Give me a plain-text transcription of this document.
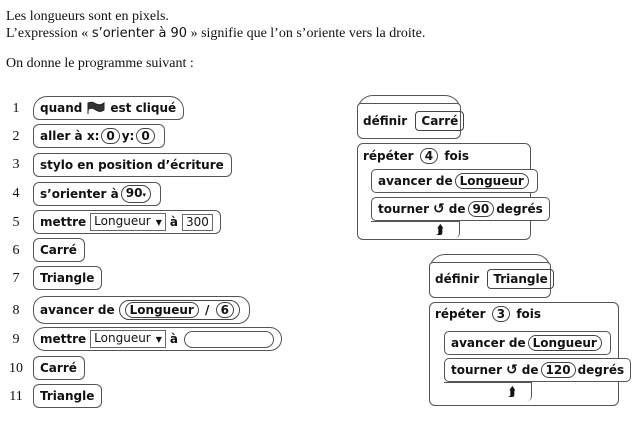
Les longueurs sont en pixels.
L’expression « s’orienter à 90 » signifie que l’on s’oriente vers la droite.
On donne le programme suivant :
1
2
3
4
5
6
7
8
9
10
11
quand est cliqué
aller à x: 0 y: 0
stylo en position d’écriture
s’orienter à 90▾
mettre Longueur ▼ à 300
Carré
Triangle
avancer de	Longueur / 6
mettre Longueur ▼ à
Carré
Triangle
définir Carré
répéter 4 fois
avancer de Longueur
tourner ↺ de 90 degrés
⮭
définir Triangle
répéter 3 fois
avancer de Longueur
tourner ↺ de 120 degrés
⮭
